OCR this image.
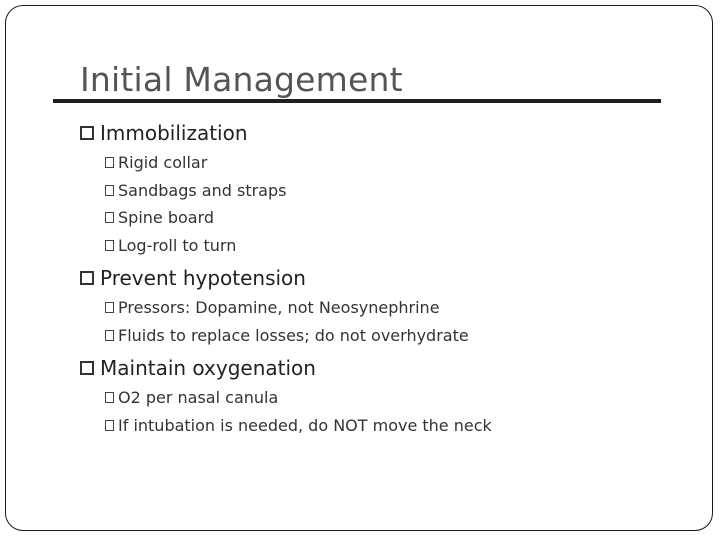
Initial Management
Immobilization
Rigid collar
Sandbags and straps
Spine board
Log-roll to turn
Prevent hypotension
Pressors: Dopamine, not Neosynephrine
Fluids to replace losses; do not overhydrate
Maintain oxygenation
O2 per nasal canula
If intubation is needed, do NOT move the neck
